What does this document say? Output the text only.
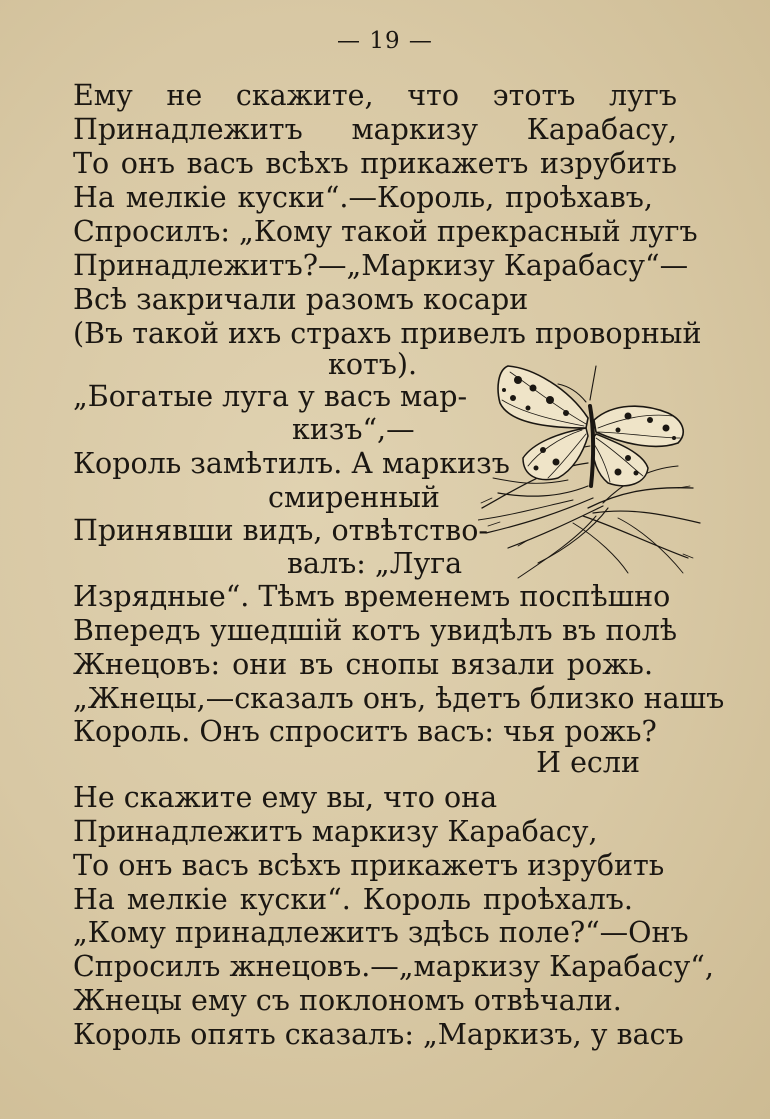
— 19 —
Ему не скажите, что этотъ лугъ
Принадлежитъ маркизу Карабасу,
То онъ васъ всѣхъ прикажетъ изрубить
На мелкіе куски“.—Король, проѣхавъ,
Спросилъ: „Кому такой прекрасный лугъ
Принадлежитъ?—„Маркизу Карабасу“—
Всѣ закричали разомъ косари
(Въ такой ихъ страхъ привелъ проворный
котъ).
„Богатые луга у васъ мар-
кизъ“,—
Король замѣтилъ. А маркизъ
смиренный
Принявши видъ, отвѣтство-
валъ: „Луга
Изрядные“. Тѣмъ временемъ поспѣшно
Впередъ ушедшій котъ увидѣлъ въ полѣ
Жнецовъ: они въ снопы вязали рожь.
„Жнецы,—сказалъ онъ, ѣдетъ близко нашъ
Король. Онъ спроситъ васъ: чья рожь?
И если
Не скажите ему вы, что она
Принадлежитъ маркизу Карабасу,
То онъ васъ всѣхъ прикажетъ изрубить
На мелкіе куски“. Король проѣхалъ.
„Кому принадлежитъ здѣсь поле?“—Онъ
Спросилъ жнецовъ.—„маркизу Карабасу“,
Жнецы ему съ поклономъ отвѣчали.
Король опять сказалъ: „Маркизъ, у васъ
